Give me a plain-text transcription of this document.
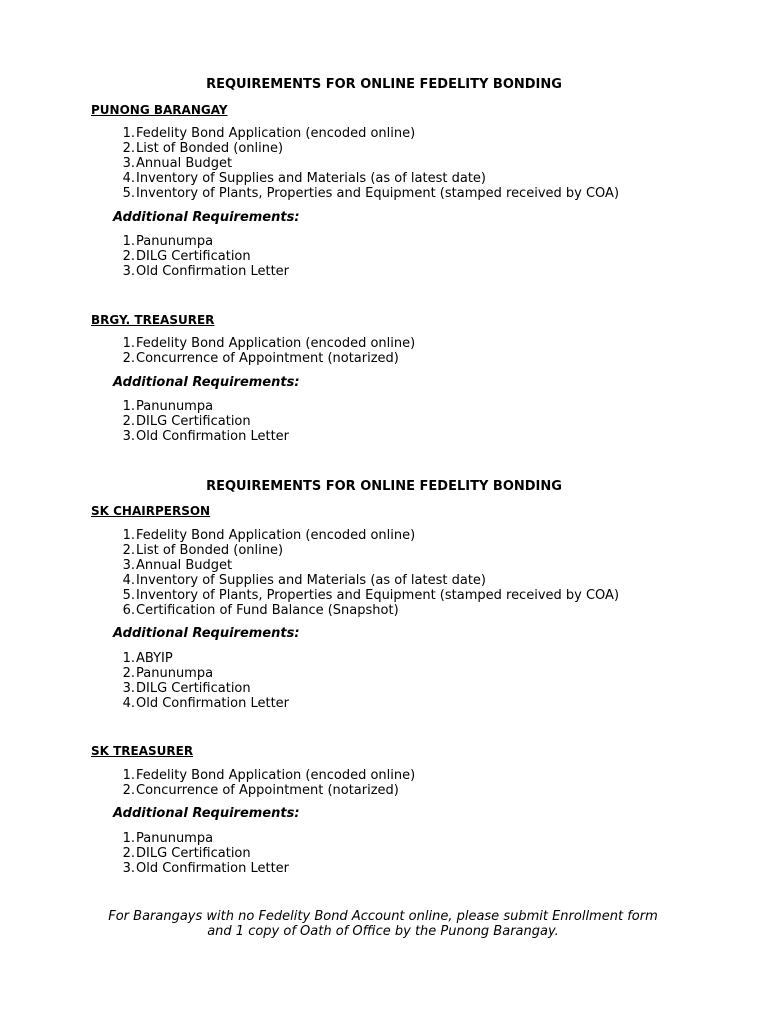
REQUIREMENTS FOR ONLINE FEDELITY BONDING
PUNONG BARANGAY
1.Fedelity Bond Application (encoded online)
2.List of Bonded (online)
3.Annual Budget
4.Inventory of Supplies and Materials (as of latest date)
5.Inventory of Plants, Properties and Equipment (stamped received by COA)
Additional Requirements:
1.Panunumpa
2.DILG Certification
3.Old Confirmation Letter
BRGY. TREASURER
1.Fedelity Bond Application (encoded online)
2.Concurrence of Appointment (notarized)
Additional Requirements:
1.Panunumpa
2.DILG Certification
3.Old Confirmation Letter
REQUIREMENTS FOR ONLINE FEDELITY BONDING
SK CHAIRPERSON
1.Fedelity Bond Application (encoded online)
2.List of Bonded (online)
3.Annual Budget
4.Inventory of Supplies and Materials (as of latest date)
5.Inventory of Plants, Properties and Equipment (stamped received by COA)
6.Certification of Fund Balance (Snapshot)
Additional Requirements:
1.ABYIP
2.Panunumpa
3.DILG Certification
4.Old Confirmation Letter
SK TREASURER
1.Fedelity Bond Application (encoded online)
2.Concurrence of Appointment (notarized)
Additional Requirements:
1.Panunumpa
2.DILG Certification
3.Old Confirmation Letter
For Barangays with no Fedelity Bond Account online, please submit Enrollment form
and 1 copy of Oath of Office by the Punong Barangay.
